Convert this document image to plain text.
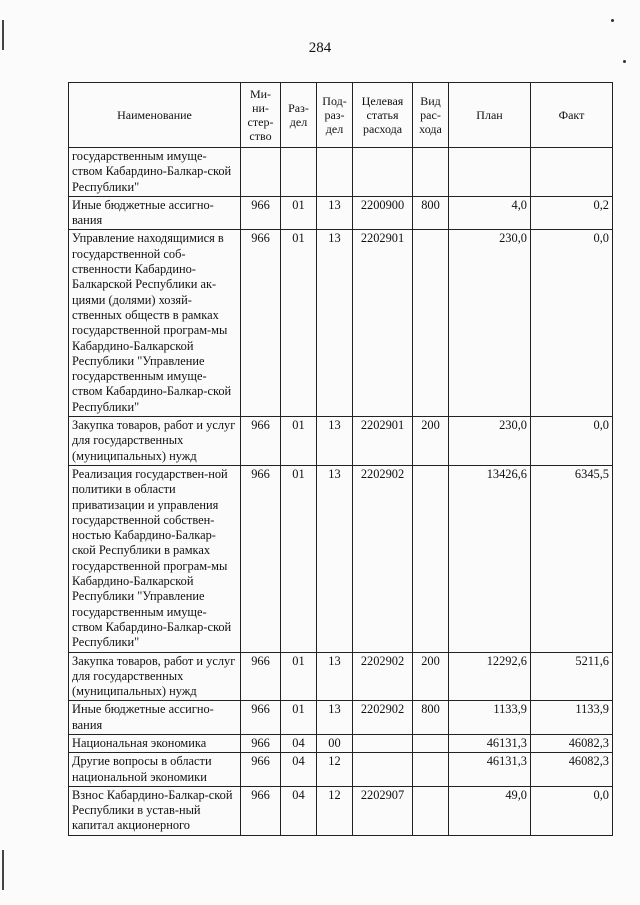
284
Наименование	Ми-ни-стер-ство	Раз-дел	Под-раз-дел	Целевая статья расхода	Вид рас-хода	План	Факт
государственным имуще-ством Кабардино-Балкар-ской Республики"							
Иные бюджетные ассигно-вания	966	01	13	2200900	800	4,0	0,2
Управление находящимися в государственной соб-ственности Кабардино-Балкарской Республики ак-циями (долями) хозяй-ственных обществ в рамках государственной програм-мы Кабардино-Балкарской Республики "Управление государственным имуще-ством Кабардино-Балкар-ской Республики"	966	01	13	2202901		230,0	0,0
Закупка товаров, работ и услуг для государственных (муниципальных) нужд	966	01	13	2202901	200	230,0	0,0
Реализация государствен-ной политики в области приватизации и управления государственной собствен-ностью Кабардино-Балкар-ской Республики в рамках государственной програм-мы Кабардино-Балкарской Республики "Управление государственным имуще-ством Кабардино-Балкар-ской Республики"	966	01	13	2202902		13426,6	6345,5
Закупка товаров, работ и услуг для государственных (муниципальных) нужд	966	01	13	2202902	200	12292,6	5211,6
Иные бюджетные ассигно-вания	966	01	13	2202902	800	1133,9	1133,9
Национальная экономика	966	04	00			46131,3	46082,3
Другие вопросы в области национальной экономики	966	04	12			46131,3	46082,3
Взнос Кабардино-Балкар-ской Республики в устав-ный капитал акционерного	966	04	12	2202907		49,0	0,0
